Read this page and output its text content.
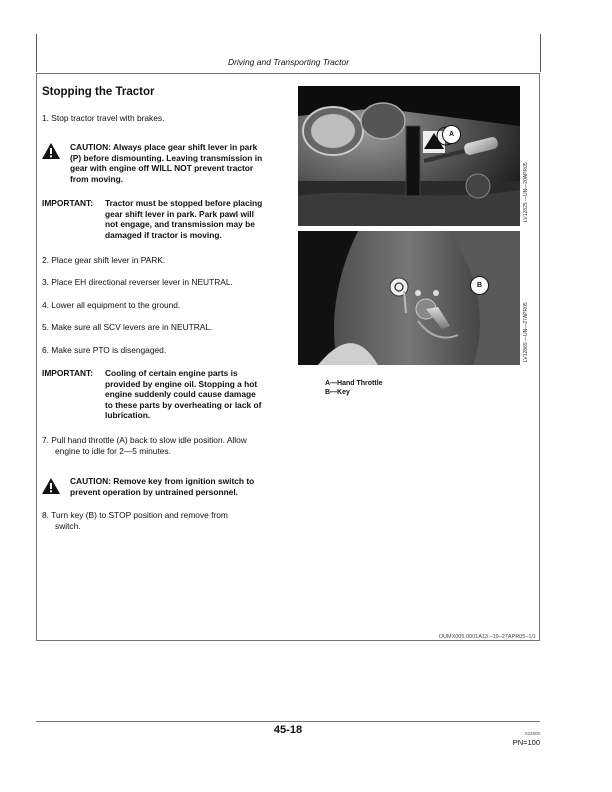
Driving and Transporting Tractor
Stopping the Tractor
1. Stop tractor travel with brakes.
CAUTION: Always place gear shift lever in park
(P) before dismounting. Leaving transmission in
gear with engine off WILL NOT prevent tractor
from moving.
IMPORTANT: Tractor must be stopped before placing
gear shift lever in park. Park pawl will
not engage, and transmission may be
damaged if tractor is moving.
2. Place gear shift lever in PARK.
3. Place EH directional reverser lever in NEUTRAL.
4. Lower all equipment to the ground.
5. Make sure all SCV levers are in NEUTRAL.
6. Make sure PTO is disengaged.
IMPORTANT: Cooling of certain engine parts is
provided by engine oil. Stopping a hot
engine suddenly could cause damage
to these parts by overheating or lack of
lubrication.
7. Pull hand throttle (A) back to slow idle position. Allow
engine to idle for 2—5 minutes.
CAUTION: Remove key from ignition switch to
prevent operation by untrained personnel.
8. Turn key (B) to STOP position and remove from
switch.
A
LV12825 —UN—20APR05
B
LV12869 —UN—27APR05
A—Hand Throttle
B—Key
OUMX005,0001A13 –19–27APR05–1/1
45-18	022808
PN=100
